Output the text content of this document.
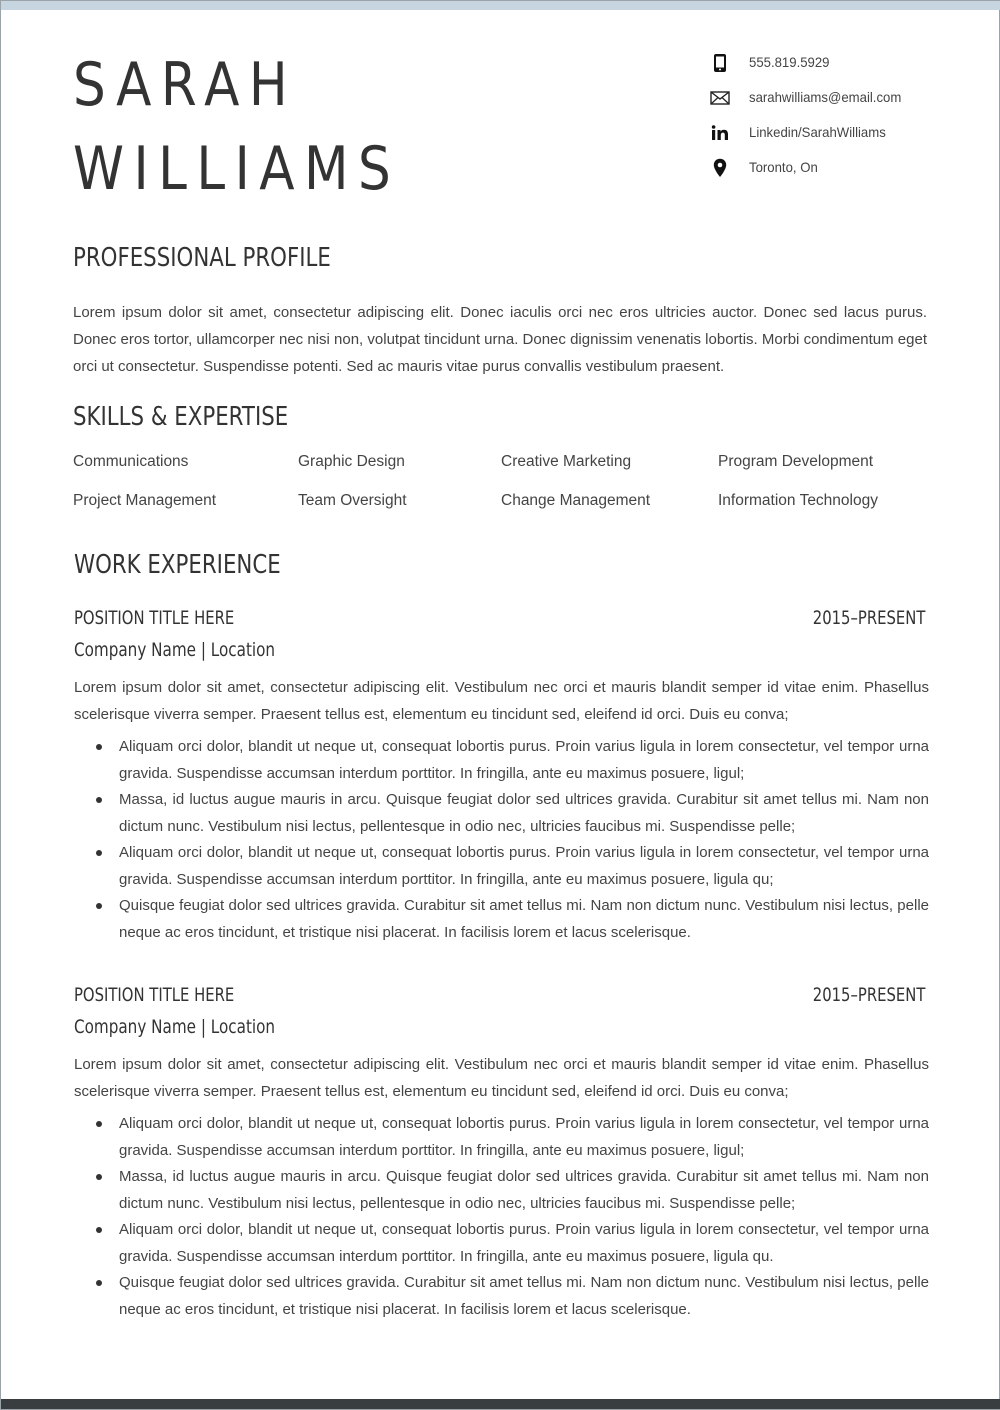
SARAH
WILLIAMS
555.819.5929
sarahwilliams@email.com
Linkedin/SarahWilliams
Toronto, On
PROFESSIONAL PROFILE

Lorem ipsum dolor sit amet, consectetur adipiscing elit. Donec iaculis orci nec eros ultricies auctor. Donec sed lacus purus. Donec eros tortor, ullamcorper nec nisi non, volutpat tincidunt urna. Donec dignissim venenatis lobortis. Morbi condimentum eget orci ut consectetur. Suspendisse potenti. Sed ac mauris vitae purus convallis vestibulum praesent.

SKILLS & EXPERTISE
Communications	Graphic Design	Creative Marketing	Program Development
Project Management	Team Oversight	Change Management	Information Technology
WORK EXPERIENCE
POSITION TITLE HERE	2015–PRESENT
Company Name | Location

Lorem ipsum dolor sit amet, consectetur adipiscing elit. Vestibulum nec orci et mauris blandit semper id vitae enim. Phasellus scelerisque viverra semper. Praesent tellus est, elementum eu tincidunt sed, eleifend id orci. Duis eu conva;

Aliquam orci dolor, blandit ut neque ut, consequat lobortis purus. Proin varius ligula in lorem consectetur, vel tempor urna gravida. Suspendisse accumsan interdum porttitor. In fringilla, ante eu maximus posuere, ligul;
Massa, id luctus augue mauris in arcu. Quisque feugiat dolor sed ultrices gravida. Curabitur sit amet tellus mi. Nam non dictum nunc. Vestibulum nisi lectus, pellentesque in odio nec, ultricies faucibus mi. Suspendisse pelle;
Aliquam orci dolor, blandit ut neque ut, consequat lobortis purus. Proin varius ligula in lorem consectetur, vel tempor urna gravida. Suspendisse accumsan interdum porttitor. In fringilla, ante eu maximus posuere, ligula qu;
Quisque feugiat dolor sed ultrices gravida. Curabitur sit amet tellus mi. Nam non dictum nunc. Vestibulum nisi lectus, pelle neque ac eros tincidunt, et tristique nisi placerat. In facilisis lorem et lacus scelerisque.
POSITION TITLE HERE	2015–PRESENT
Company Name | Location

Lorem ipsum dolor sit amet, consectetur adipiscing elit. Vestibulum nec orci et mauris blandit semper id vitae enim. Phasellus scelerisque viverra semper. Praesent tellus est, elementum eu tincidunt sed, eleifend id orci. Duis eu conva;

Aliquam orci dolor, blandit ut neque ut, consequat lobortis purus. Proin varius ligula in lorem consectetur, vel tempor urna gravida. Suspendisse accumsan interdum porttitor. In fringilla, ante eu maximus posuere, ligul;
Massa, id luctus augue mauris in arcu. Quisque feugiat dolor sed ultrices gravida. Curabitur sit amet tellus mi. Nam non dictum nunc. Vestibulum nisi lectus, pellentesque in odio nec, ultricies faucibus mi. Suspendisse pelle;
Aliquam orci dolor, blandit ut neque ut, consequat lobortis purus. Proin varius ligula in lorem consectetur, vel tempor urna gravida. Suspendisse accumsan interdum porttitor. In fringilla, ante eu maximus posuere, ligula qu.
Quisque feugiat dolor sed ultrices gravida. Curabitur sit amet tellus mi. Nam non dictum nunc. Vestibulum nisi lectus, pelle neque ac eros tincidunt, et tristique nisi placerat. In facilisis lorem et lacus scelerisque.
